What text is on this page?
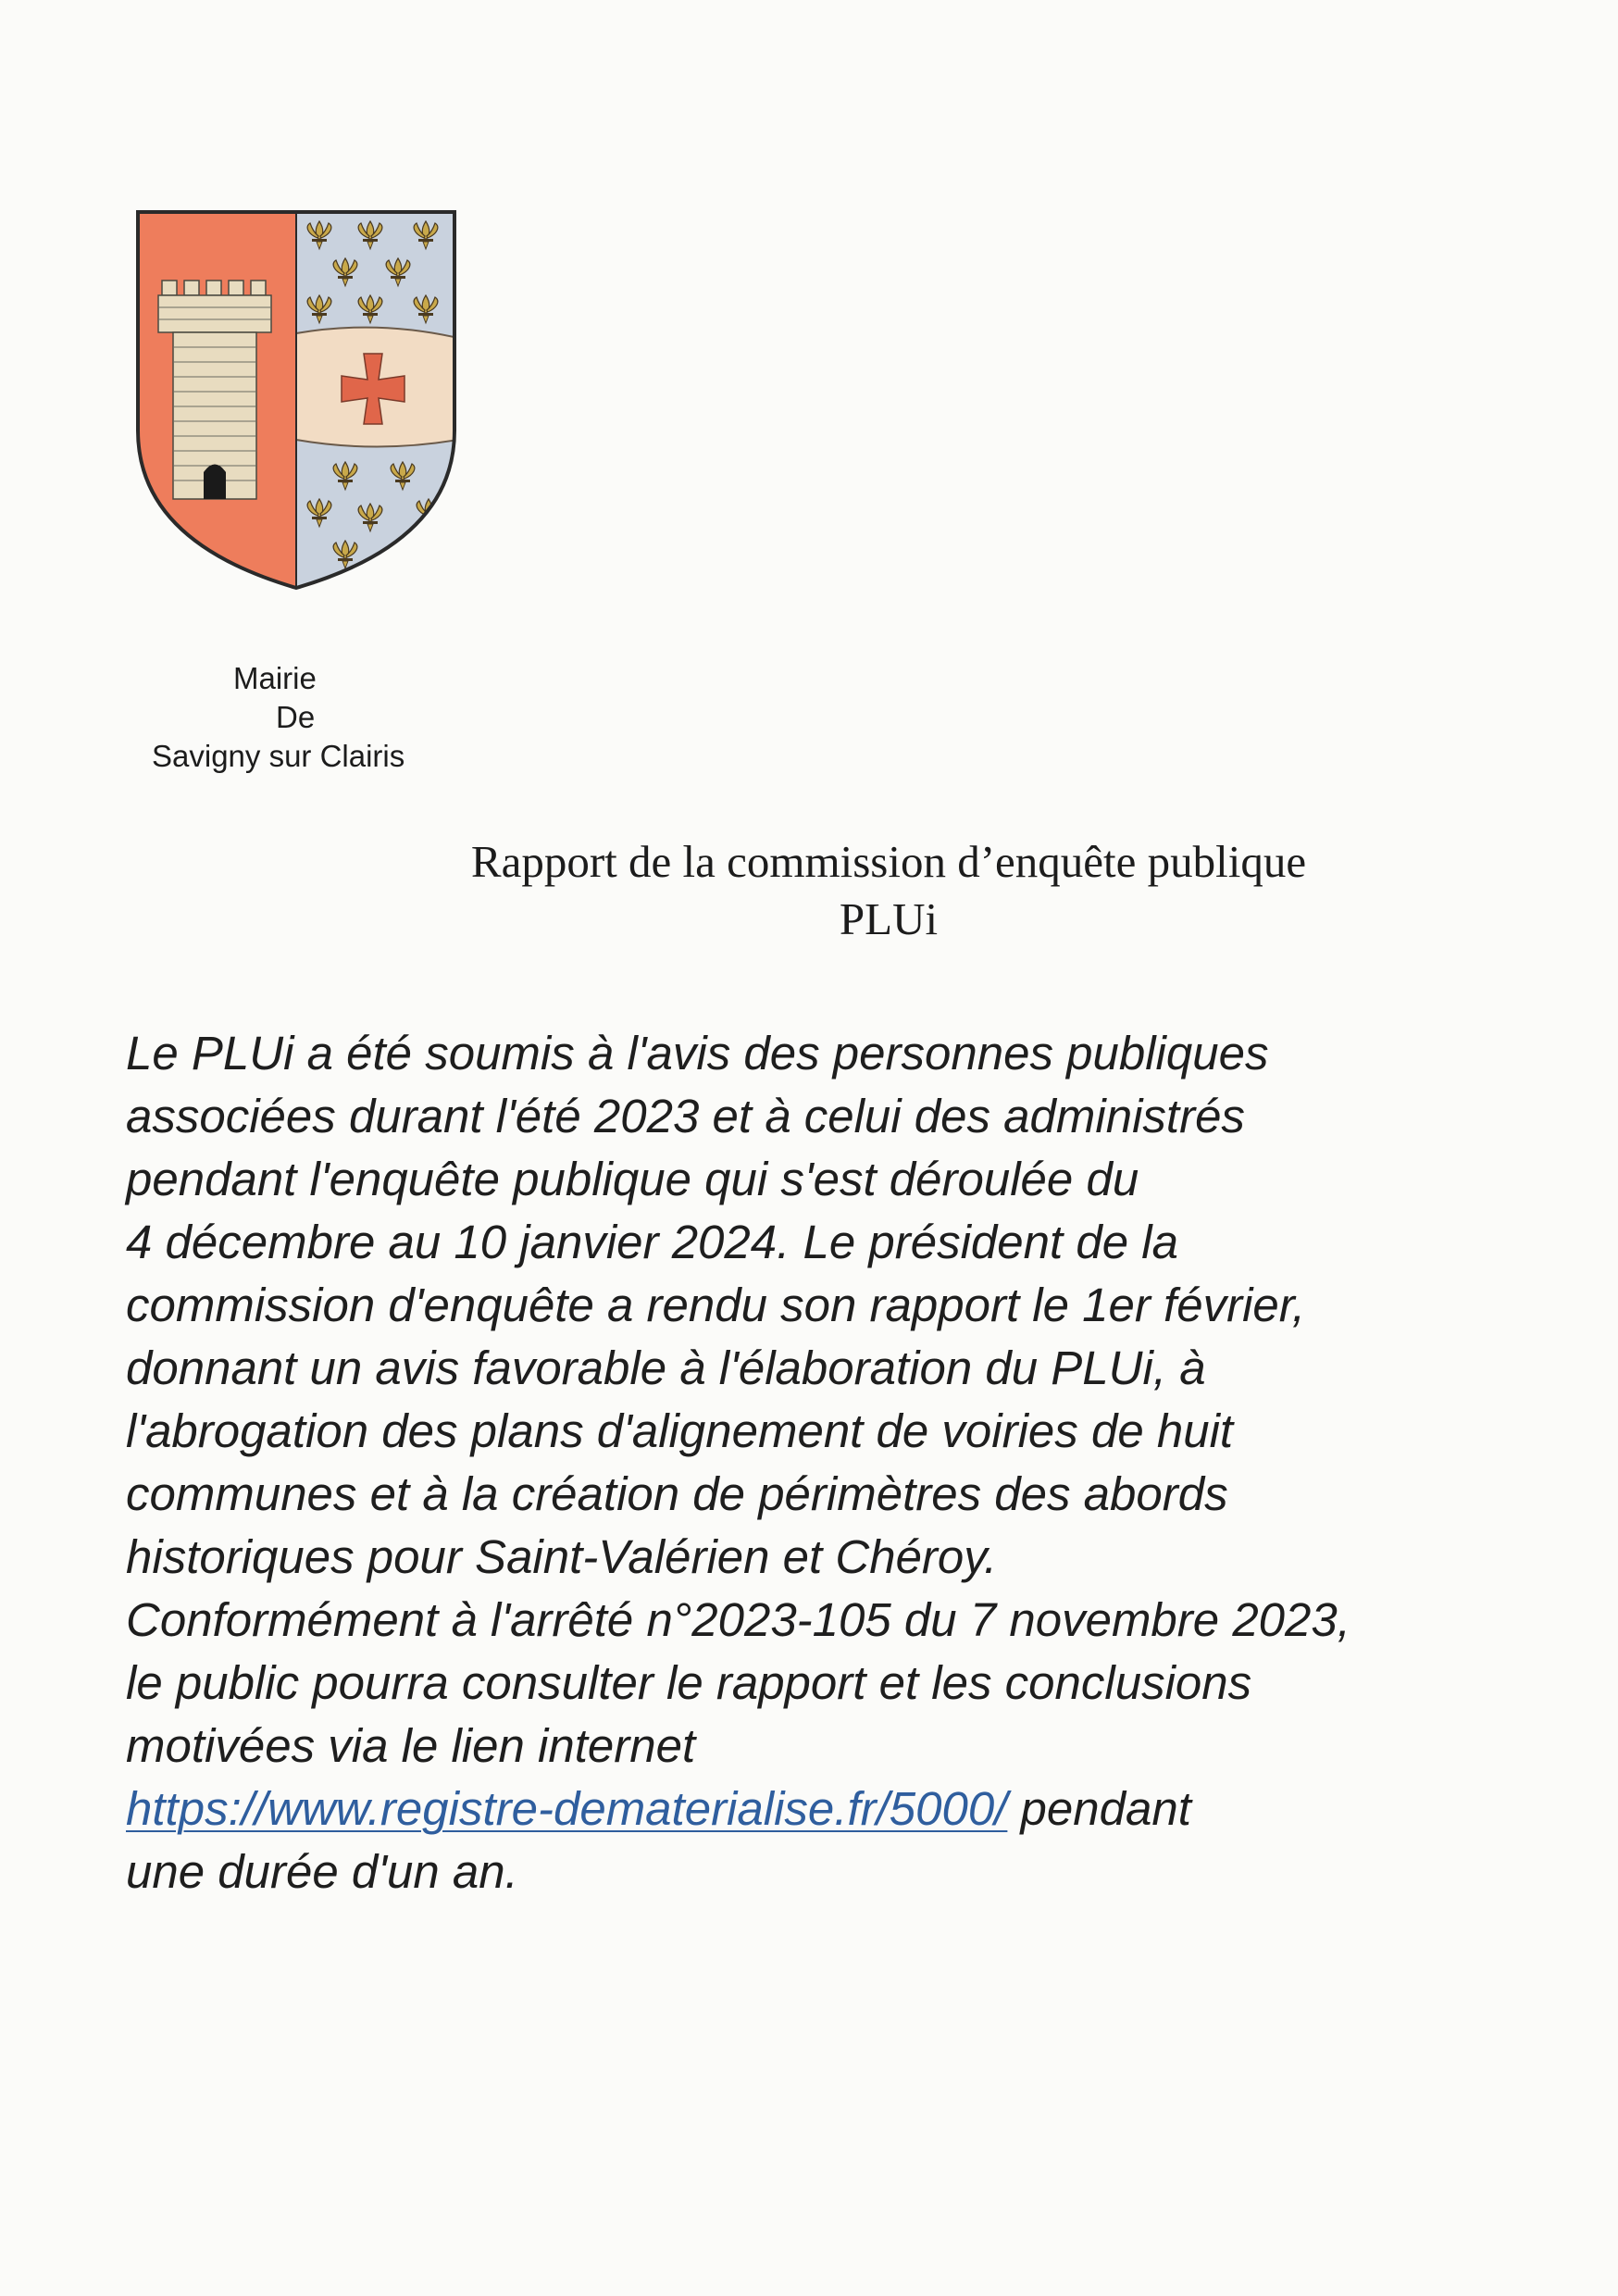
Mairie
De
Savigny sur Clairis
Rapport de la commission d’enquête publique
PLUi
Le PLUi a été soumis à l'avis des personnes publiques
associées durant l'été 2023 et à celui des administrés
pendant l'enquête publique qui s'est déroulée du
4 décembre au 10 janvier 2024. Le président de la
commission d'enquête a rendu son rapport le 1er février,
donnant un avis favorable à l'élaboration du PLUi, à
l'abrogation des plans d'alignement de voiries de huit
communes et à la création de périmètres des abords
historiques pour Saint-Valérien et Chéroy.
Conformément à l'arrêté n°2023-105 du 7 novembre 2023,
le public pourra consulter le rapport et les conclusions
motivées via le lien internet
https://www.registre-dematerialise.fr/5000/ pendant
une durée d'un an.
